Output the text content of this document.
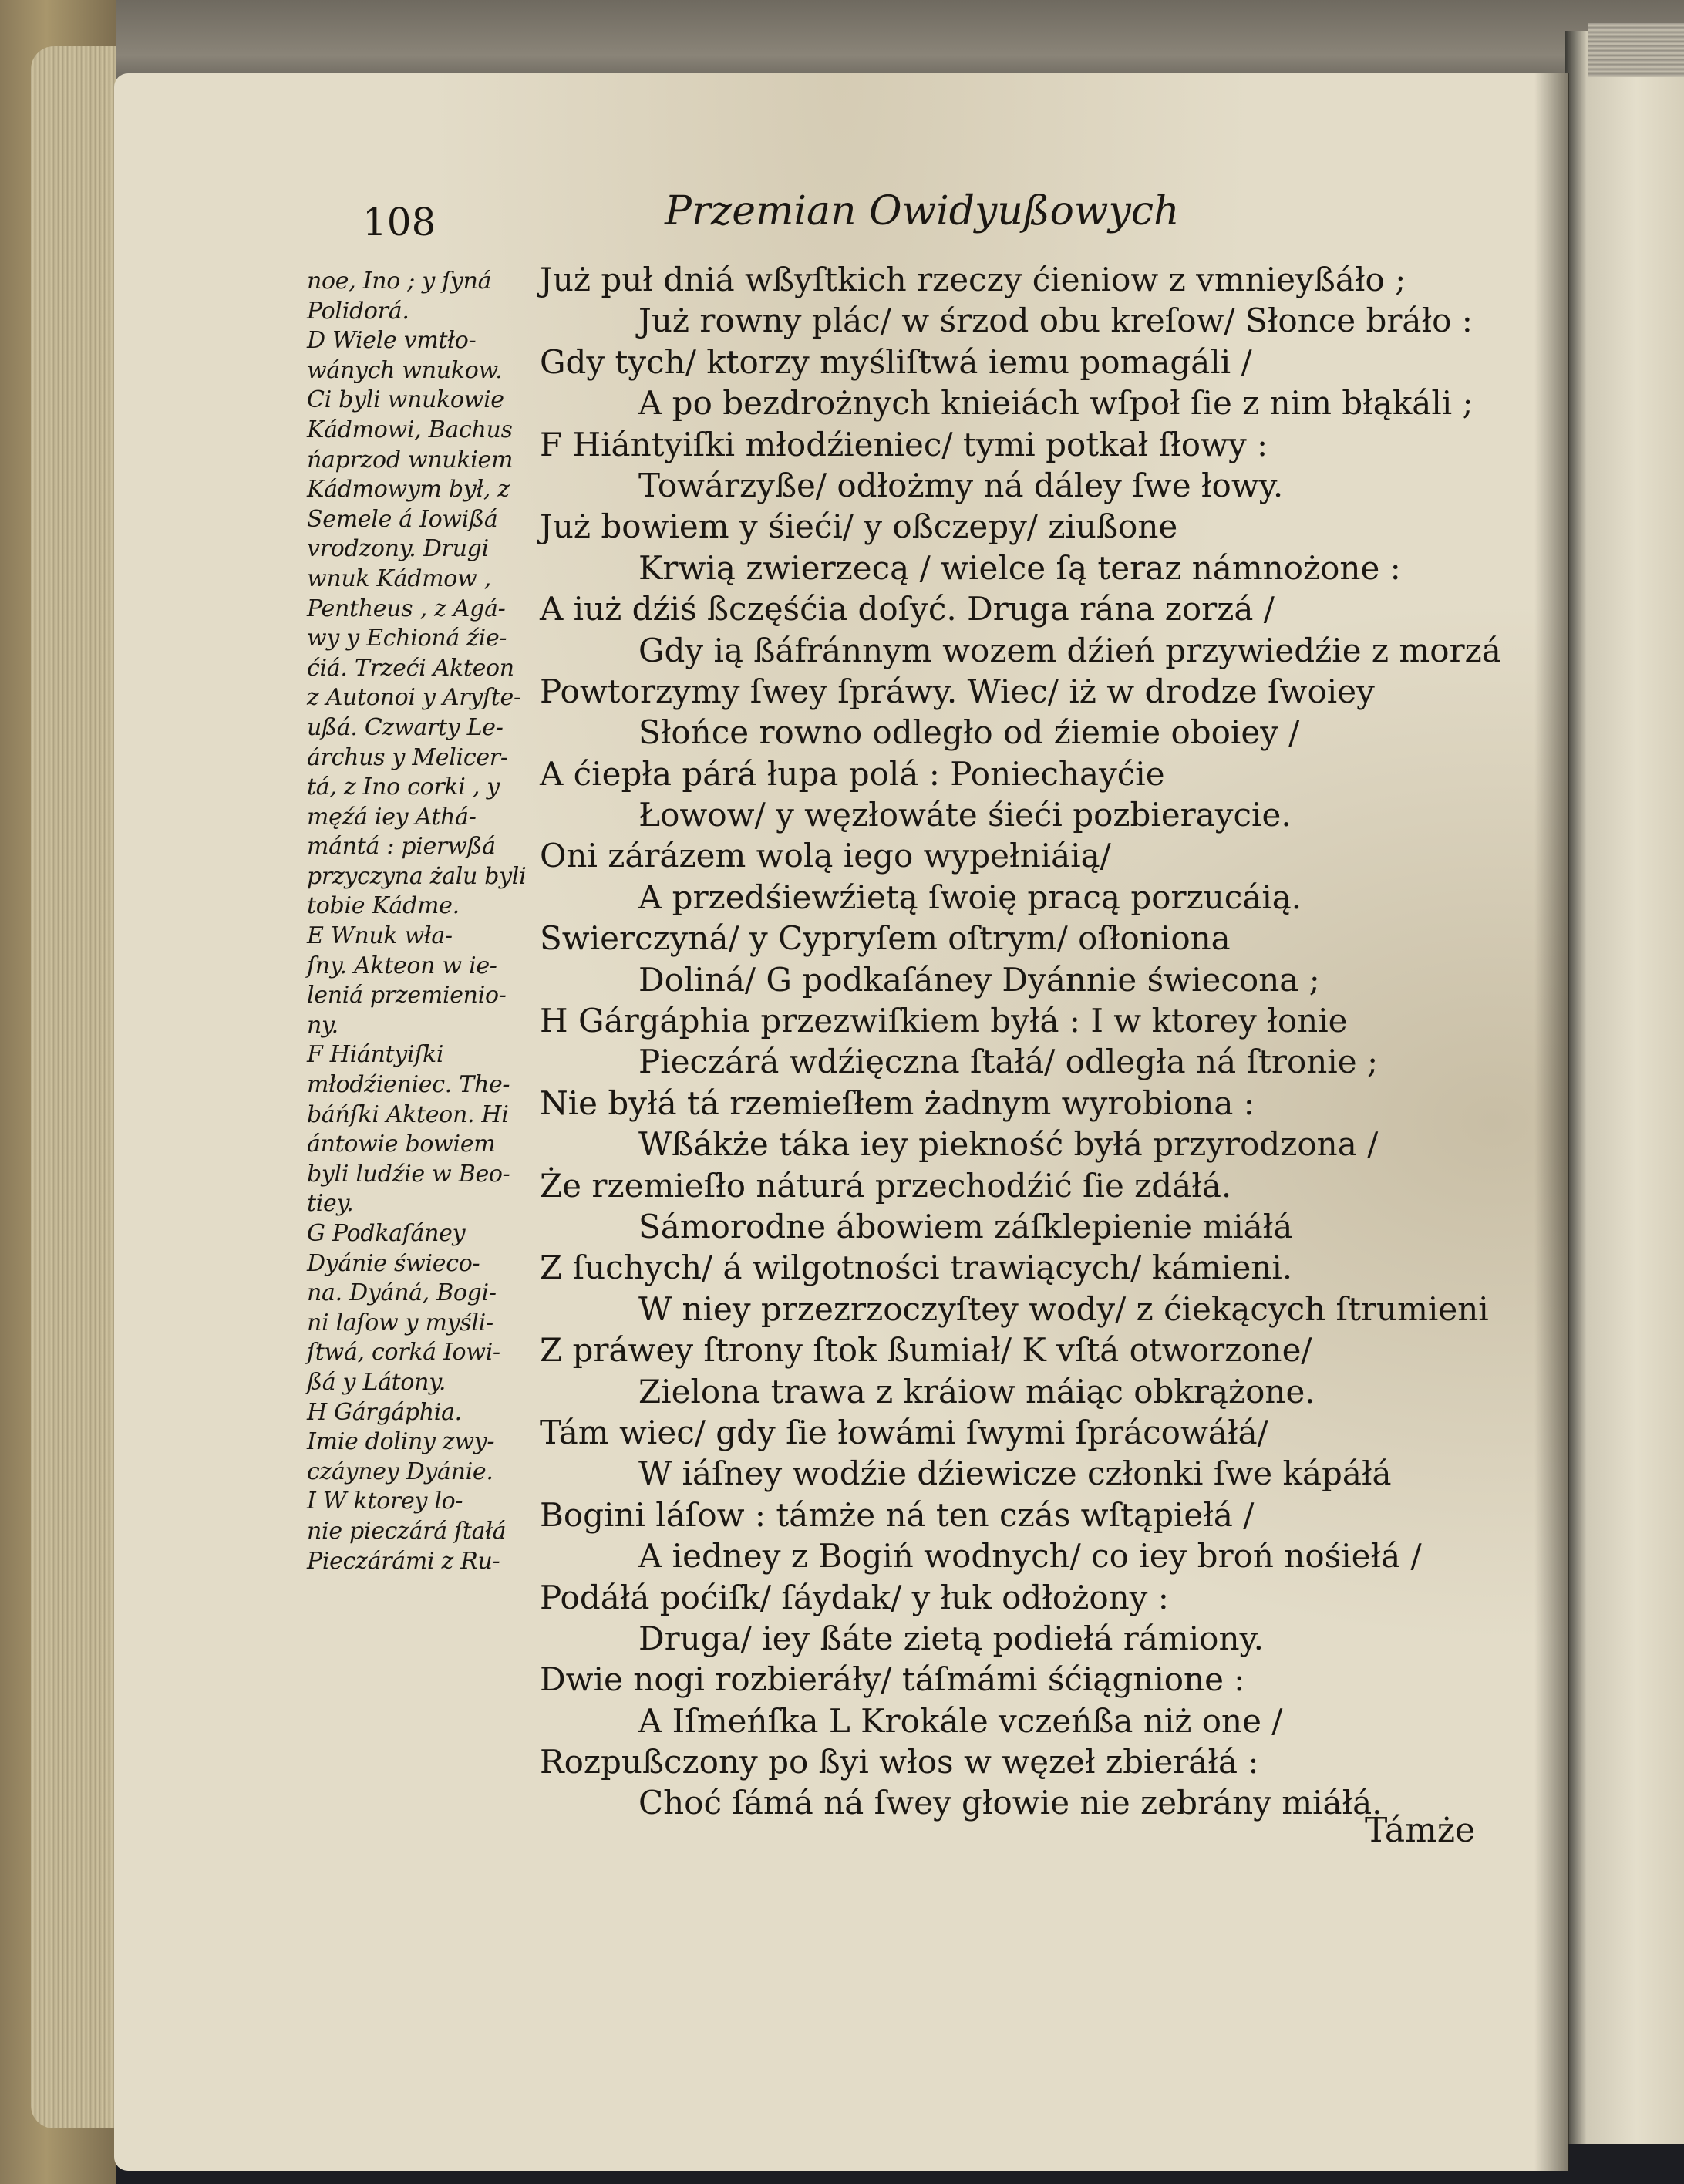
108	Przemian Owidyußowych
noe, Ino ; y ſyná
Polidorá.
D Wiele vmtło-
wánych wnukow.
Ci byli wnukowie
Kádmowi, Bachus
ńaprzod wnukiem
Kádmowym był, z
Semele á Iowißá
vrodzony. Drugi
wnuk Kádmow ,
Pentheus , z Agá-
wy y Echioná źie-
ćiá. Trzeći Akteon
z Autonoi y Aryſte-
ußá. Czwarty Le-
árchus y Melicer-
tá, z Ino corki , y
męźá iey Athá-
mántá : pierwßá
przyczyna żalu byli
tobie Kádme.
E Wnuk wła-
ſny. Akteon w ie-
leniá przemienio-
ny.
F Hiántyiſki
młodźieniec. The-
báńſki Akteon. Hi
ántowie bowiem
byli ludźie w Beo-
tiey.
G Podkaſáney
Dyánie świeco-
na. Dyáná, Bogi-
ni laſow y myśli-
ſtwá, corká Iowi-
ßá y Látony.
H Gárgáphia.
Imie doliny zwy-
czáyney Dyánie.
I W ktorey lo-
nie pieczárá ſtałá
Pieczárámi z Ru-
Już puł dniá wßyſtkich rzeczy ćieniow z vmnieyßáło ;
Już rowny plác/ w śrzod obu kreſow/ Słonce bráło :
Gdy tych/ ktorzy myśliſtwá iemu pomagáli /
A po bezdrożnych knieiách wſpoł ſie z nim błąkáli ;
F Hiántyiſki młodźieniec/ tymi potkał ſłowy :
Towárzyße/ odłożmy ná dáley ſwe łowy.
Już bowiem y śieći/ y oßczepy/ ziußone
Krwią zwierzecą / wielce ſą teraz námnożone :
A iuż dźiś ßczęśćia doſyć. Druga rána zorzá /
Gdy ią ßáfránnym wozem dźień przywiedźie z morzá
Powtorzymy ſwey ſpráwy. Wiec/ iż w drodze ſwoiey
Słońce rowno odległo od źiemie oboiey /
A ćiepła párá łupa polá : Poniechayćie
Łowow/ y węzłowáte śieći pozbieraycie.
Oni zárázem wolą iego wypełniáią/
A przedśiewźietą ſwoię pracą porzucáią.
Swierczyná/ y Cypryſem oſtrym/ oſłoniona
Doliná/ G podkaſáney Dyánnie świecona ;
H Gárgáphia przezwiſkiem byłá : I w ktorey łonie
Pieczárá wdźięczna ſtałá/ odległa ná ſtronie ;
Nie byłá tá rzemieſłem żadnym wyrobiona :
Wßákże táka iey piekność byłá przyrodzona /
Że rzemieſło náturá przechodźić ſie zdáłá.
Sámorodne ábowiem záſklepienie miáłá
Z ſuchych/ á wilgotności trawiących/ kámieni.
W niey przezrzoczyſtey wody/ z ćiekących ſtrumieni
Z práwey ſtrony ſtok ßumiał/ K vſtá otworzone/
Zielona trawa z kráiow máiąc obkrążone.
Tám wiec/ gdy ſie łowámi ſwymi ſprácowáłá/
W iáſney wodźie dźiewicze członki ſwe kápáłá
Bogini láſow : támże ná ten czás wſtąpiełá /
A iedney z Bogiń wodnych/ co iey broń nośiełá /
Podáłá poćiſk/ ſáydak/ y łuk odłożony :
Druga/ iey ßáte zietą podiełá rámiony.
Dwie nogi rozbieráły/ táſmámi śćiągnione :
A Iſmeńſka L Krokále vczeńßa niż one /
Rozpußczony po ßyi włos w węzeł zbieráłá :
Choć ſámá ná ſwey głowie nie zebrány miáłá.
Támże
